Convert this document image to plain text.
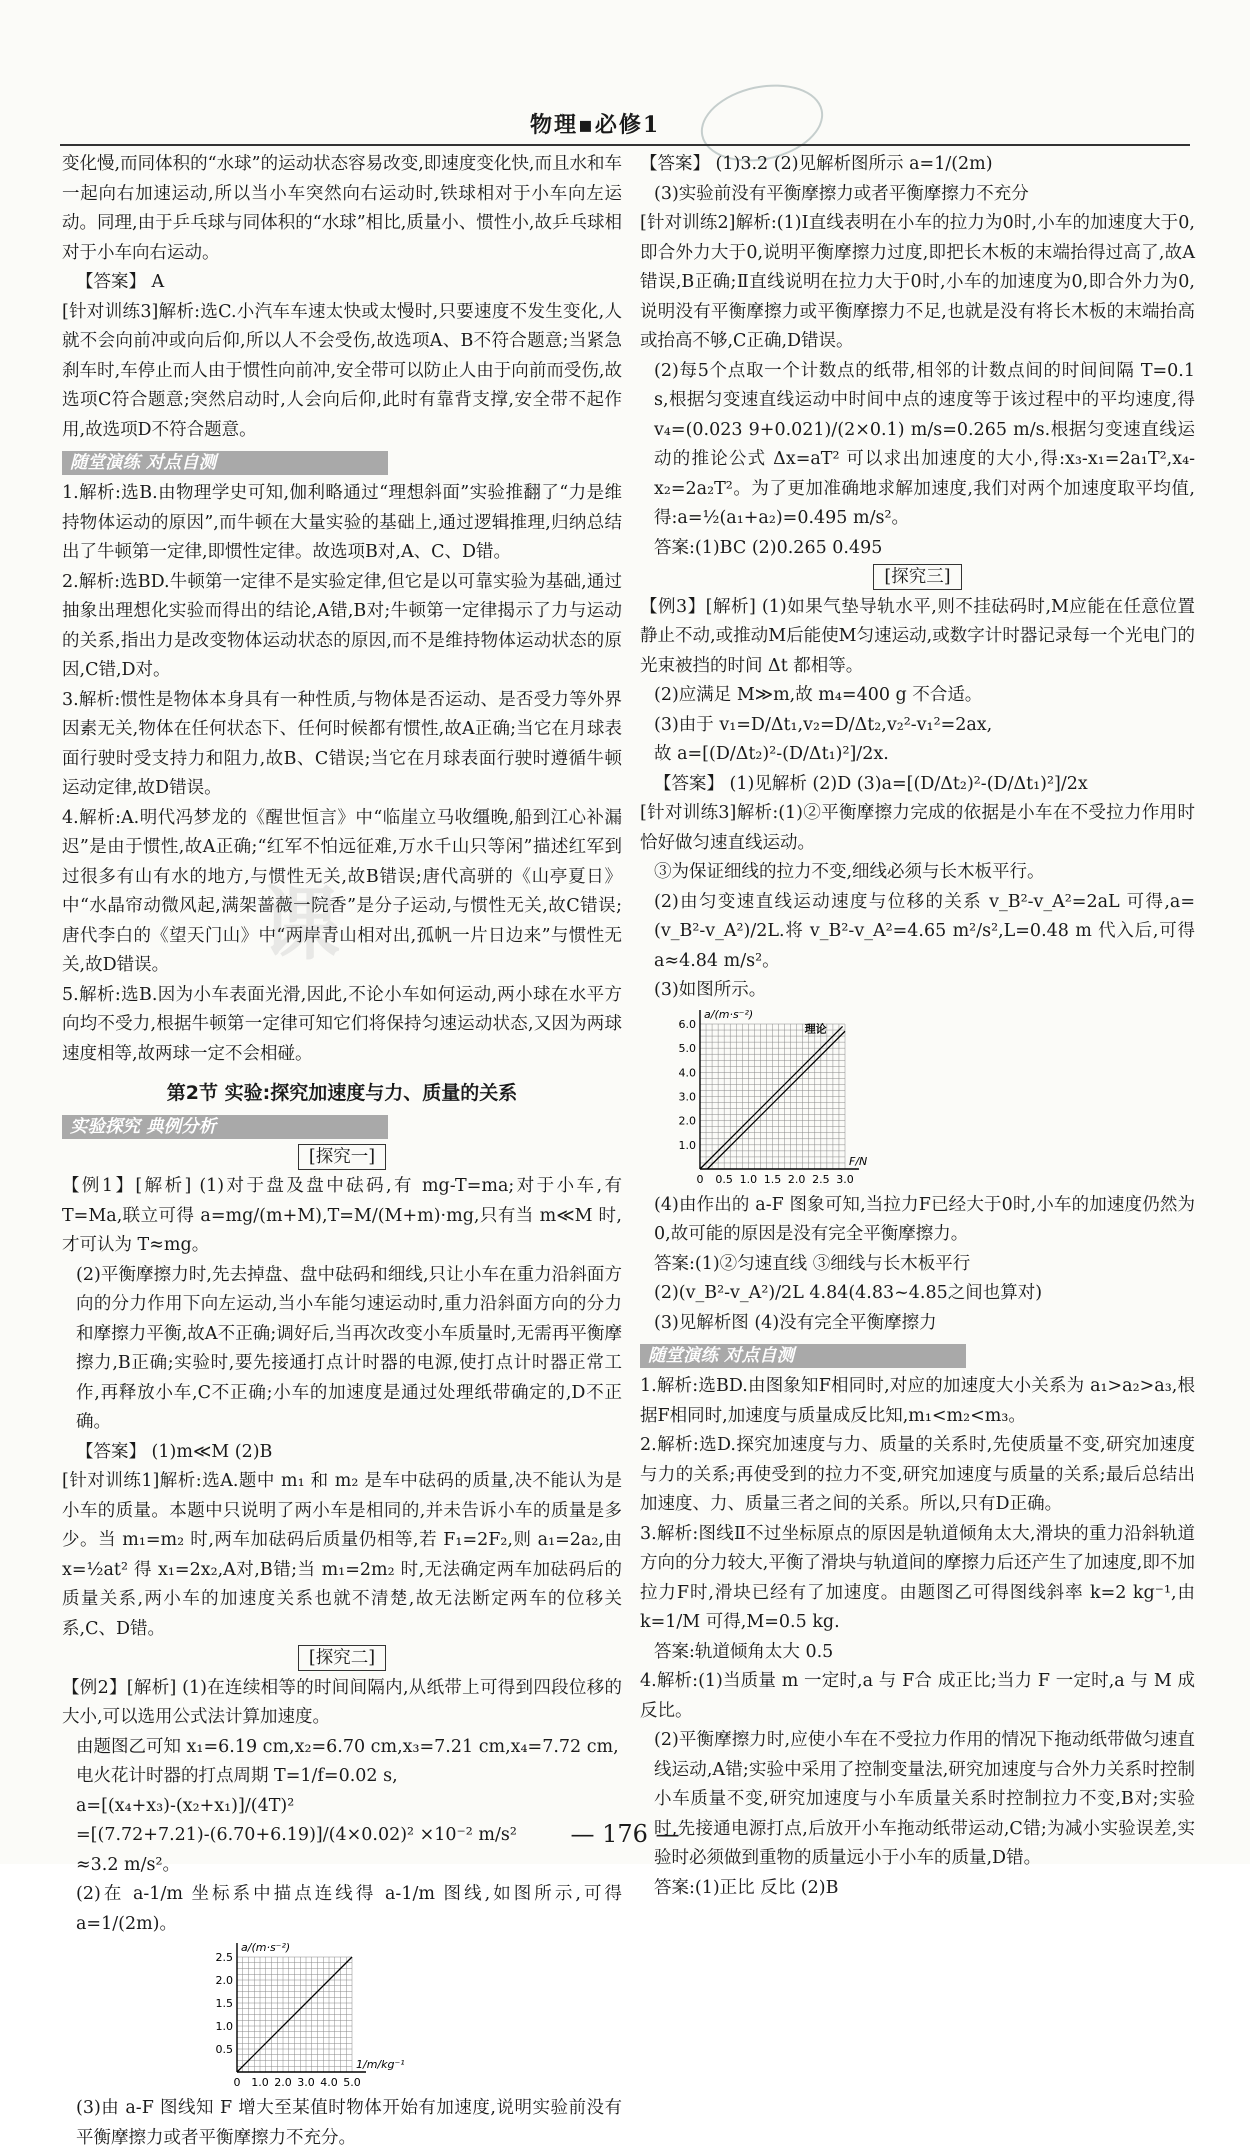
课
物理▪必修1

变化慢,而同体积的“水球”的运动状态容易改变,即速度变化快,而且水和车一起向右加速运动,所以当小车突然向右运动时,铁球相对于小车向左运动。同理,由于乒乓球与同体积的“水球”相比,质量小、惯性小,故乒乓球相对于小车向右运动。

【答案】 A

[针对训练3]解析:选C.小汽车车速太快或太慢时,只要速度不发生变化,人就不会向前冲或向后仰,所以人不会受伤,故选项A、B不符合题意;当紧急刹车时,车停止而人由于惯性向前冲,安全带可以防止人由于向前而受伤,故选项C符合题意;突然启动时,人会向后仰,此时有靠背支撑,安全带不起作用,故选项D不符合题意。

随堂演练 对点自测

1.解析:选B.由物理学史可知,伽利略通过“理想斜面”实验推翻了“力是维持物体运动的原因”,而牛顿在大量实验的基础上,通过逻辑推理,归纳总结出了牛顿第一定律,即惯性定律。故选项B对,A、C、D错。

2.解析:选BD.牛顿第一定律不是实验定律,但它是以可靠实验为基础,通过抽象出理想化实验而得出的结论,A错,B对;牛顿第一定律揭示了力与运动的关系,指出力是改变物体运动状态的原因,而不是维持物体运动状态的原因,C错,D对。

3.解析:惯性是物体本身具有一种性质,与物体是否运动、是否受力等外界因素无关,物体在任何状态下、任何时候都有惯性,故A正确;当它在月球表面行驶时受支持力和阻力,故B、C错误;当它在月球表面行驶时遵循牛顿运动定律,故D错误。

4.解析:A.明代冯梦龙的《醒世恒言》中“临崖立马收缰晚,船到江心补漏迟”是由于惯性,故A正确;“红军不怕远征难,万水千山只等闲”描述红军到过很多有山有水的地方,与惯性无关,故B错误;唐代高骈的《山亭夏日》中“水晶帘动微风起,满架蔷薇一院香”是分子运动,与惯性无关,故C错误;唐代李白的《望天门山》中“两岸青山相对出,孤帆一片日边来”与惯性无关,故D错误。

5.解析:选B.因为小车表面光滑,因此,不论小车如何运动,两小球在水平方向均不受力,根据牛顿第一定律可知它们将保持匀速运动状态,又因为两球速度相等,故两球一定不会相碰。

第2节 实验:探究加速度与力、质量的关系

实验探究 典例分析

[探究一]

【例1】[解析] (1)对于盘及盘中砝码,有 mg-T=ma;对于小车,有 T=Ma,联立可得 a=mg/(m+M),T=M/(M+m)·mg,只有当 m≪M 时,才可认为 T≈mg。

(2)平衡摩擦力时,先去掉盘、盘中砝码和细线,只让小车在重力沿斜面方向的分力作用下向左运动,当小车能匀速运动时,重力沿斜面方向的分力和摩擦力平衡,故A不正确;调好后,当再次改变小车质量时,无需再平衡摩擦力,B正确;实验时,要先接通打点计时器的电源,使打点计时器正常工作,再释放小车,C不正确;小车的加速度是通过处理纸带确定的,D不正确。

【答案】 (1)m≪M (2)B

[针对训练1]解析:选A.题中 m₁ 和 m₂ 是车中砝码的质量,决不能认为是小车的质量。本题中只说明了两小车是相同的,并未告诉小车的质量是多少。当 m₁=m₂ 时,两车加砝码后质量仍相等,若 F₁=2F₂,则 a₁=2a₂,由 x=½at² 得 x₁=2x₂,A对,B错;当 m₁=2m₂ 时,无法确定两车加砝码后的质量关系,两小车的加速度关系也就不清楚,故无法断定两车的位移关系,C、D错。

[探究二]

【例2】[解析] (1)在连续相等的时间间隔内,从纸带上可得到四段位移的大小,可以选用公式法计算加速度。

由题图乙可知 x₁=6.19 cm,x₂=6.70 cm,x₃=7.21 cm,x₄=7.72 cm,

电火花计时器的打点周期 T=1/f=0.02 s,

a=[(x₄+x₃)-(x₂+x₁)]/(4T)²

=[(7.72+7.21)-(6.70+6.19)]/(4×0.02)² ×10⁻² m/s²

≈3.2 m/s²。

(2)在 a-1/m 坐标系中描点连线得 a-1/m 图线,如图所示,可得 a=1/(2m)。

0 1.0 2.0 3.0 4.0 5.0
0.5
1.0
1.5
2.0
2.5
a/(m·s⁻²)
1/m/kg⁻¹

(3)由 a-F 图线知 F 增大至某值时物体开始有加速度,说明实验前没有平衡摩擦力或者平衡摩擦力不充分。

【答案】 (1)3.2 (2)见解析图所示 a=1/(2m)

(3)实验前没有平衡摩擦力或者平衡摩擦力不充分

[针对训练2]解析:(1)Ⅰ直线表明在小车的拉力为0时,小车的加速度大于0,即合外力大于0,说明平衡摩擦力过度,即把长木板的末端抬得过高了,故A错误,B正确;Ⅱ直线说明在拉力大于0时,小车的加速度为0,即合外力为0,说明没有平衡摩擦力或平衡摩擦力不足,也就是没有将长木板的末端抬高或抬高不够,C正确,D错误。

(2)每5个点取一个计数点的纸带,相邻的计数点间的时间间隔 T=0.1 s,根据匀变速直线运动中时间中点的速度等于该过程中的平均速度,得 v₄=(0.023 9+0.021)/(2×0.1) m/s=0.265 m/s.根据匀变速直线运动的推论公式 Δx=aT² 可以求出加速度的大小,得:x₃-x₁=2a₁T²,x₄-x₂=2a₂T²。为了更加准确地求解加速度,我们对两个加速度取平均值,得:a=½(a₁+a₂)=0.495 m/s²。

答案:(1)BC (2)0.265 0.495

[探究三]

【例3】[解析] (1)如果气垫导轨水平,则不挂砝码时,M应能在任意位置静止不动,或推动M后能使M匀速运动,或数字计时器记录每一个光电门的光束被挡的时间 Δt 都相等。

(2)应满足 M≫m,故 m₄=400 g 不合适。

(3)由于 v₁=D/Δt₁,v₂=D/Δt₂,v₂²-v₁²=2ax,

故 a=[(D/Δt₂)²-(D/Δt₁)²]/2x.

【答案】 (1)见解析 (2)D (3)a=[(D/Δt₂)²-(D/Δt₁)²]/2x

[针对训练3]解析:(1)②平衡摩擦力完成的依据是小车在不受拉力作用时恰好做匀速直线运动。

③为保证细线的拉力不变,细线必须与长木板平行。

(2)由匀变速直线运动速度与位移的关系 v_B²-v_A²=2aL 可得,a=(v_B²-v_A²)/2L.将 v_B²-v_A²=4.65 m²/s²,L=0.48 m 代入后,可得 a≈4.84 m/s²。

(3)如图所示。

0 0.5 1.0 1.5 2.0 2.5 3.0
1.0
2.0
3.0
4.0
5.0
6.0
a/(m·s⁻²)
F/N
理论

(4)由作出的 a-F 图象可知,当拉力F已经大于0时,小车的加速度仍然为0,故可能的原因是没有完全平衡摩擦力。

答案:(1)②匀速直线 ③细线与长木板平行

(2)(v_B²-v_A²)/2L 4.84(4.83~4.85之间也算对)

(3)见解析图 (4)没有完全平衡摩擦力

随堂演练 对点自测

1.解析:选BD.由图象知F相同时,对应的加速度大小关系为 a₁>a₂>a₃,根据F相同时,加速度与质量成反比知,m₁<m₂<m₃。

2.解析:选D.探究加速度与力、质量的关系时,先使质量不变,研究加速度与力的关系;再使受到的拉力不变,研究加速度与质量的关系;最后总结出加速度、力、质量三者之间的关系。所以,只有D正确。

3.解析:图线Ⅱ不过坐标原点的原因是轨道倾角太大,滑块的重力沿斜轨道方向的分力较大,平衡了滑块与轨道间的摩擦力后还产生了加速度,即不加拉力F时,滑块已经有了加速度。由题图乙可得图线斜率 k=2 kg⁻¹,由 k=1/M 可得,M=0.5 kg.

答案:轨道倾角太大 0.5

4.解析:(1)当质量 m 一定时,a 与 F合 成正比;当力 F 一定时,a 与 M 成反比。

(2)平衡摩擦力时,应使小车在不受拉力作用的情况下拖动纸带做匀速直线运动,A错;实验中采用了控制变量法,研究加速度与合外力关系时控制小车质量不变,研究加速度与小车质量关系时控制拉力不变,B对;实验时,先接通电源打点,后放开小车拖动纸带运动,C错;为减小实验误差,实验时必须做到重物的质量远小于小车的质量,D错。

答案:(1)正比 反比 (2)B

— 176 —
